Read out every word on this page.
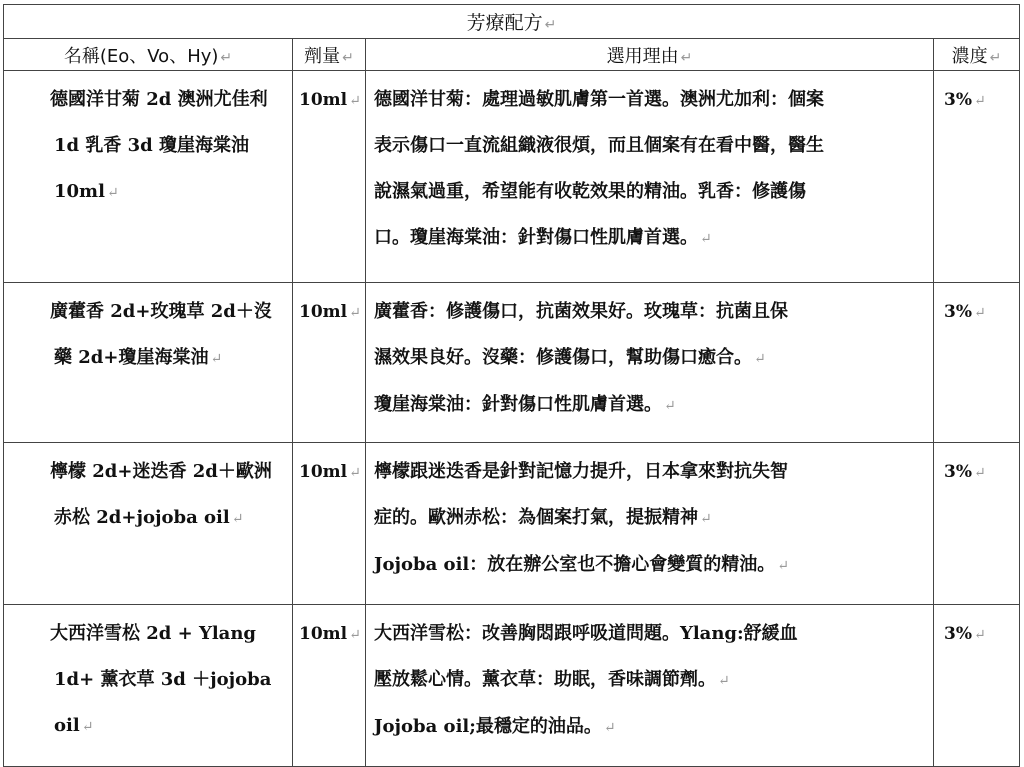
芳療配方 ↵			
名稱(Eo、Vo、Hy) ↵	劑量 ↵	選用理由 ↵	濃度 ↵

德國洋甘菊 2d 澳洲尤佳利 1d 乳香 3d 瓊崖海棠油 10ml ↵	10ml ↵	德國洋甘菊：處理過敏肌膚第一首選。澳洲尤加利：個案
表示傷口一直流組織液很煩，而且個案有在看中醫，醫生
說濕氣過重，希望能有收乾效果的精油。乳香：修護傷
口。瓊崖海棠油：針對傷口性肌膚首選。 ↵	3% ↵

廣藿香 2d+玫瑰草 2d＋沒藥 2d+瓊崖海棠油 ↵	10ml ↵	廣藿香：修護傷口，抗菌效果好。玫瑰草：抗菌且保
濕效果良好。沒藥：修護傷口，幫助傷口癒合。 ↵
瓊崖海棠油：針對傷口性肌膚首選。 ↵	3% ↵

檸檬 2d+迷迭香 2d＋歐洲赤松 2d+jojoba oil ↵	10ml ↵	檸檬跟迷迭香是針對記憶力提升，日本拿來對抗失智
症的。歐洲赤松：為個案打氣，提振精神 ↵
Jojoba oil：放在辦公室也不擔心會變質的精油。 ↵	3% ↵

大西洋雪松 2d + Ylang 1d+ 薰衣草 3d ＋jojoba oil ↵	10ml ↵	大西洋雪松：改善胸悶跟呼吸道問題。Ylang:舒緩血
壓放鬆心情。薰衣草：助眠，香味調節劑。 ↵
Jojoba oil;最穩定的油品。 ↵	3% ↵
